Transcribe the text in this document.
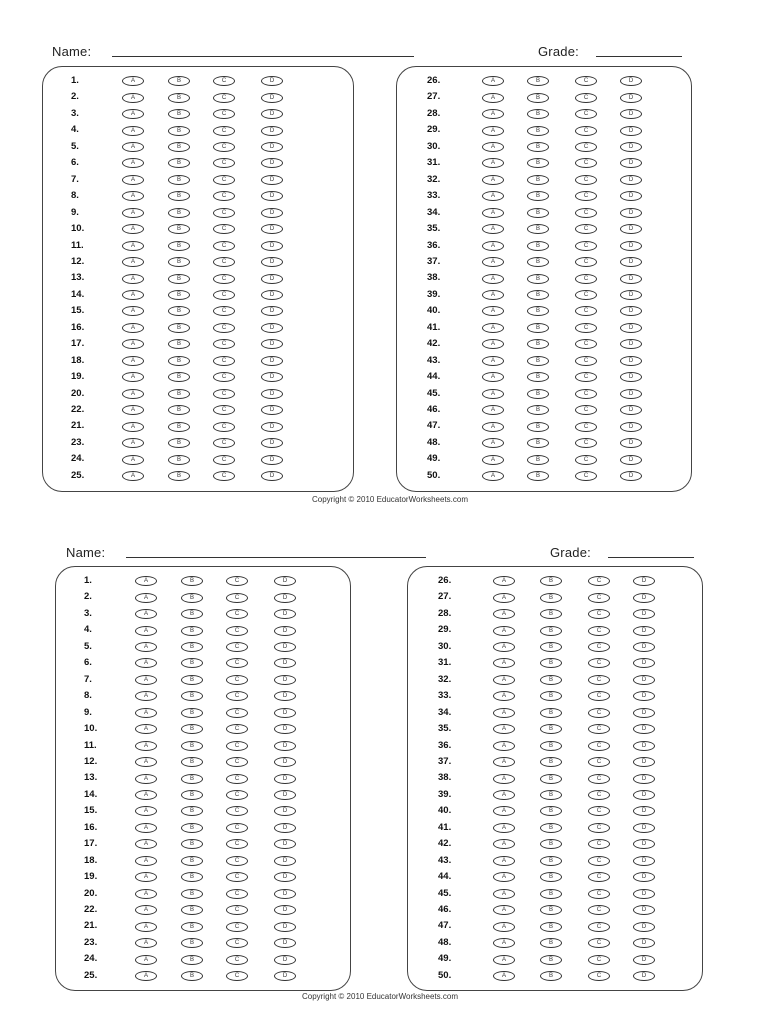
Name:	Grade:
1.	A	B	C	D
2.	A	B	C	D
3.	A	B	C	D
4.	A	B	C	D
5.	A	B	C	D
6.	A	B	C	D
7.	A	B	C	D
8.	A	B	C	D
9.	A	B	C	D
10.	A	B	C	D
11.	A	B	C	D
12.	A	B	C	D
13.	A	B	C	D
14.	A	B	C	D
15.	A	B	C	D
16.	A	B	C	D
17.	A	B	C	D
18.	A	B	C	D
19.	A	B	C	D
20.	A	B	C	D
22.	A	B	C	D
21.	A	B	C	D
23.	A	B	C	D
24.	A	B	C	D
25.	A	B	C	D
26.	A	B	C	D
27.	A	B	C	D
28.	A	B	C	D
29.	A	B	C	D
30.	A	B	C	D
31.	A	B	C	D
32.	A	B	C	D
33.	A	B	C	D
34.	A	B	C	D
35.	A	B	C	D
36.	A	B	C	D
37.	A	B	C	D
38.	A	B	C	D
39.	A	B	C	D
40.	A	B	C	D
41.	A	B	C	D
42.	A	B	C	D
43.	A	B	C	D
44.	A	B	C	D
45.	A	B	C	D
46.	A	B	C	D
47.	A	B	C	D
48.	A	B	C	D
49.	A	B	C	D
50.	A	B	C	D
Copyright © 2010 EducatorWorksheets.com
Name:	Grade:
1.	A	B	C	D
2.	A	B	C	D
3.	A	B	C	D
4.	A	B	C	D
5.	A	B	C	D
6.	A	B	C	D
7.	A	B	C	D
8.	A	B	C	D
9.	A	B	C	D
10.	A	B	C	D
11.	A	B	C	D
12.	A	B	C	D
13.	A	B	C	D
14.	A	B	C	D
15.	A	B	C	D
16.	A	B	C	D
17.	A	B	C	D
18.	A	B	C	D
19.	A	B	C	D
20.	A	B	C	D
22.	A	B	C	D
21.	A	B	C	D
23.	A	B	C	D
24.	A	B	C	D
25.	A	B	C	D
26.	A	B	C	D
27.	A	B	C	D
28.	A	B	C	D
29.	A	B	C	D
30.	A	B	C	D
31.	A	B	C	D
32.	A	B	C	D
33.	A	B	C	D
34.	A	B	C	D
35.	A	B	C	D
36.	A	B	C	D
37.	A	B	C	D
38.	A	B	C	D
39.	A	B	C	D
40.	A	B	C	D
41.	A	B	C	D
42.	A	B	C	D
43.	A	B	C	D
44.	A	B	C	D
45.	A	B	C	D
46.	A	B	C	D
47.	A	B	C	D
48.	A	B	C	D
49.	A	B	C	D
50.	A	B	C	D
Copyright © 2010 EducatorWorksheets.com
